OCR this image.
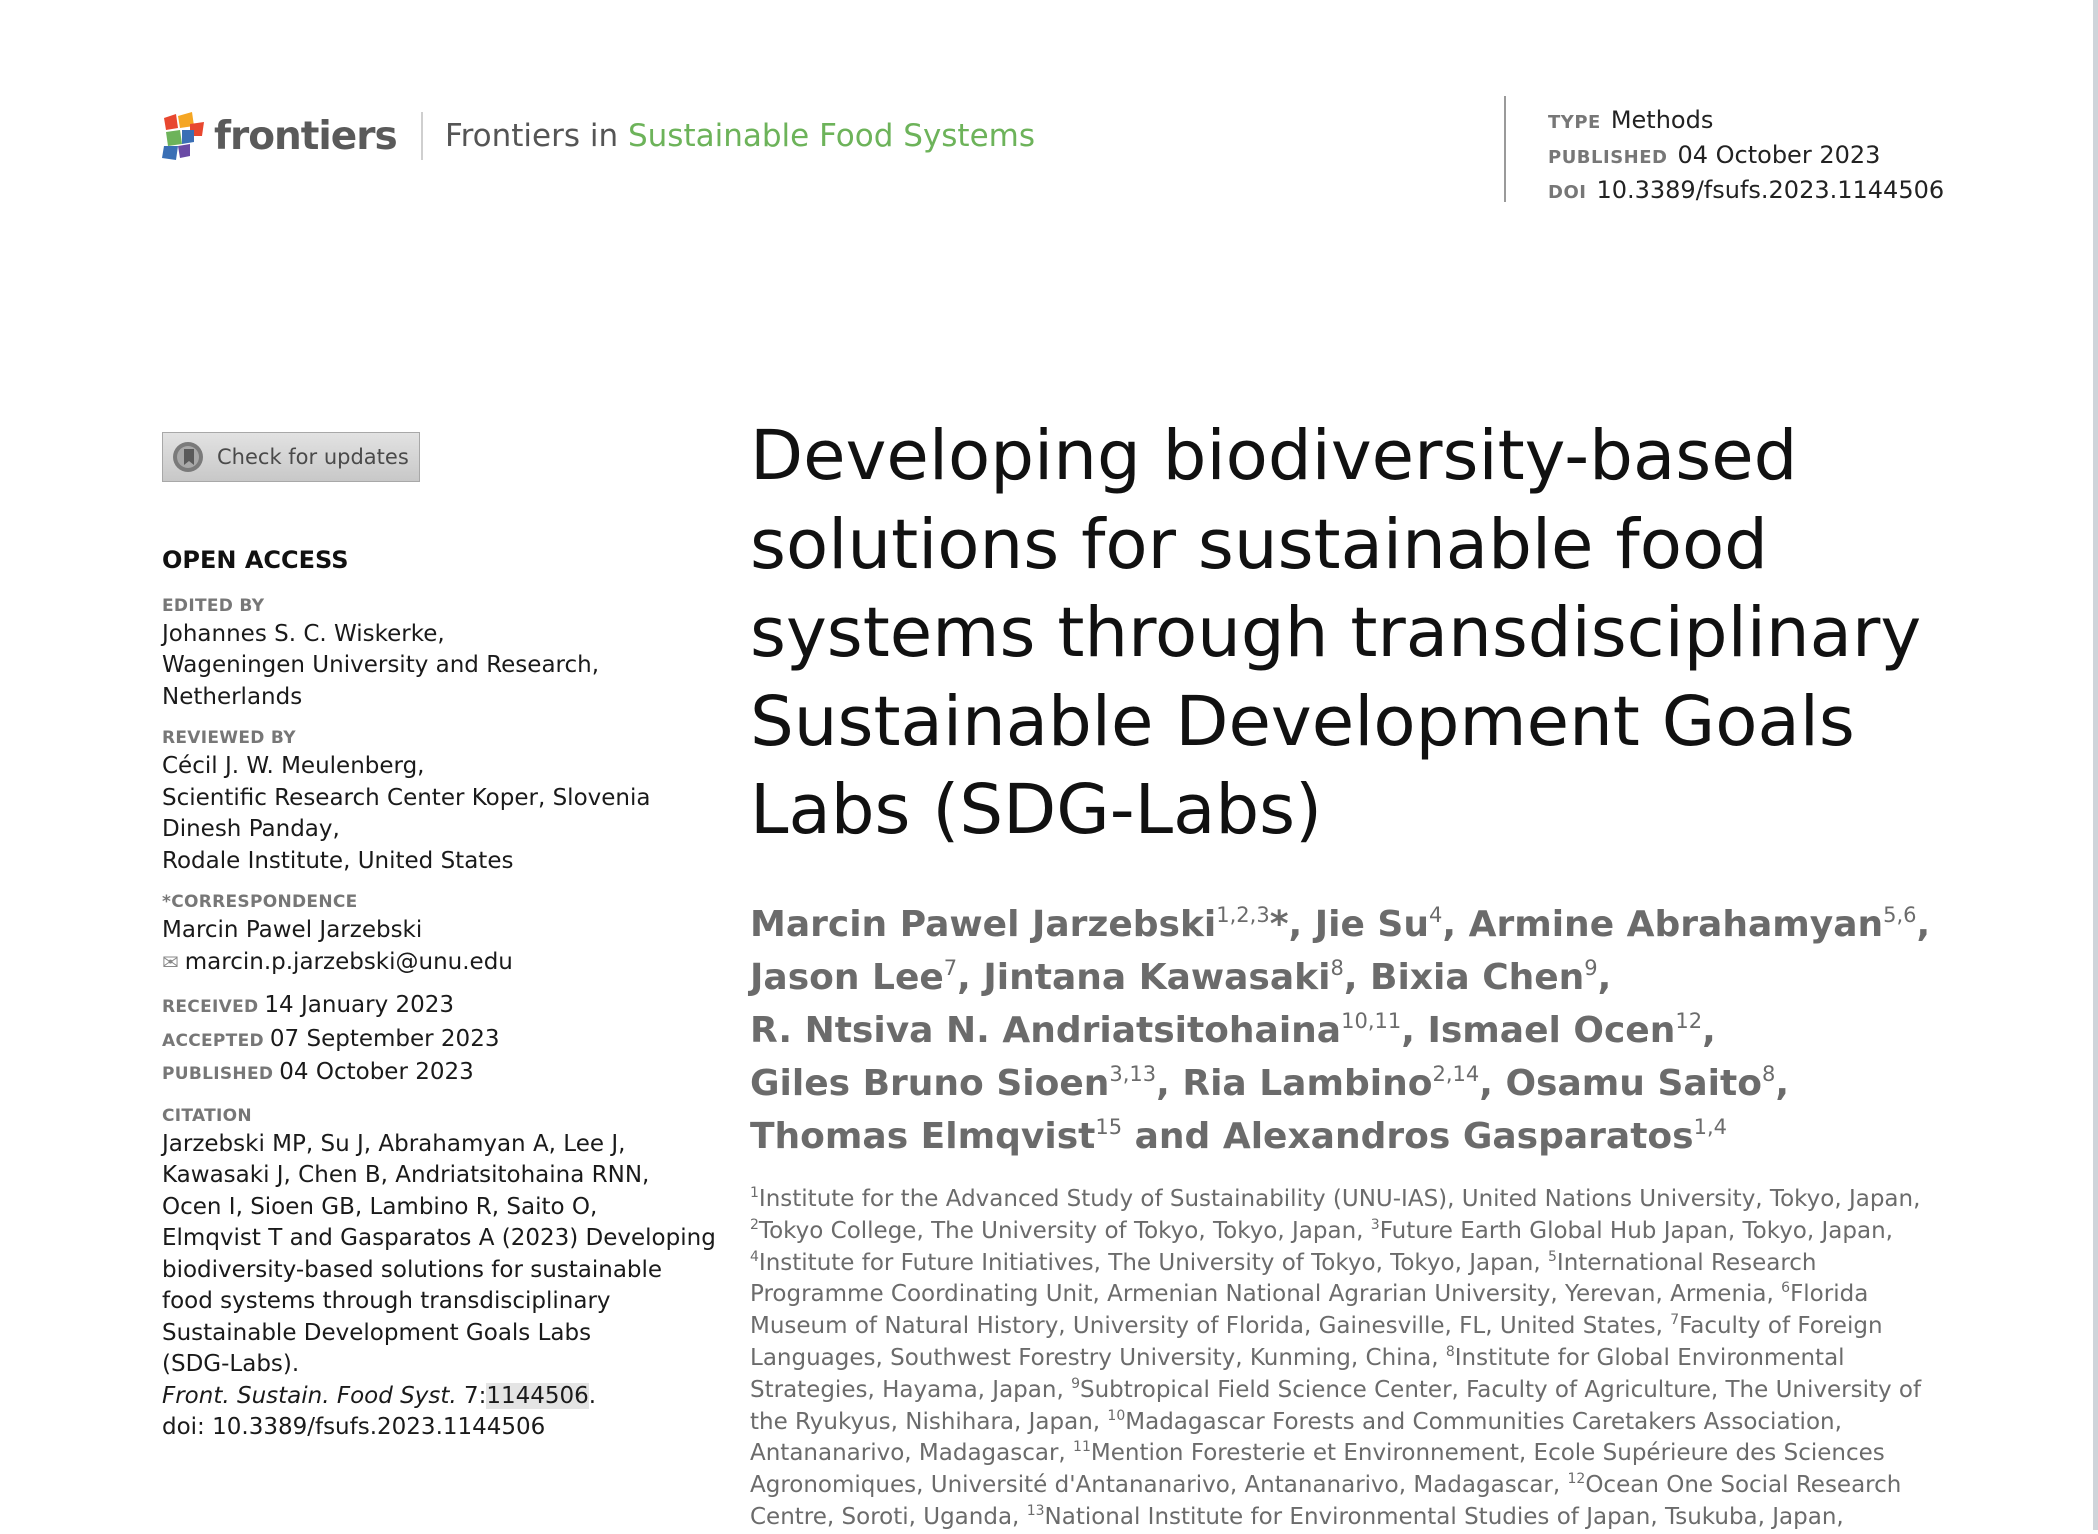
frontiers Frontiers in Sustainable Food Systems	TYPE Methods
PUBLISHED 04 October 2023
DOI 10.3389/fsufs.2023.1144506
Check for updates
OPEN ACCESS
EDITED BY
Johannes S. C. Wiskerke,
Wageningen University and Research,
Netherlands
REVIEWED BY
Cécil J. W. Meulenberg,
Scientific Research Center Koper, Slovenia
Dinesh Panday,
Rodale Institute, United States
*CORRESPONDENCE
Marcin Pawel Jarzebski
✉ marcin.p.jarzebski@unu.edu
RECEIVED 14 January 2023
ACCEPTED 07 September 2023
PUBLISHED 04 October 2023
CITATION
Jarzebski MP, Su J, Abrahamyan A, Lee J,
Kawasaki J, Chen B, Andriatsitohaina RNN,
Ocen I, Sioen GB, Lambino R, Saito O,
Elmqvist T and Gasparatos A (2023) Developing
biodiversity-based solutions for sustainable
food systems through transdisciplinary
Sustainable Development Goals Labs
(SDG-Labs).
Front. Sustain. Food Syst. 7:1144506.
doi: 10.3389/fsufs.2023.1144506
Developing biodiversity-based solutions for sustainable food systems through transdisciplinary Sustainable Development Goals Labs (SDG-Labs)
Marcin Pawel Jarzebski$^{1,2,3}$*, Jie Su$^4$, Armine Abrahamyan$^{5,6}$,
Jason Lee$^7$, Jintana Kawasaki$^8$, Bixia Chen$^9$,
R. Ntsiva N. Andriatsitohaina$^{10,11}$, Ismael Ocen$^{12}$,
Giles Bruno Sioen$^{3,13}$, Ria Lambino$^{2,14}$, Osamu Saito$^8$,
Thomas Elmqvist$^{15}$ and Alexandros Gasparatos$^{1,4}$
$^1$Institute for the Advanced Study of Sustainability (UNU-IAS), United Nations University, Tokyo, Japan, $^2$Tokyo College, The University of Tokyo, Tokyo, Japan, $^3$Future Earth Global Hub Japan, Tokyo, Japan, $^4$Institute for Future Initiatives, The University of Tokyo, Tokyo, Japan, $^5$International Research Programme Coordinating Unit, Armenian National Agrarian University, Yerevan, Armenia, $^6$Florida Museum of Natural History, University of Florida, Gainesville, FL, United States, $^7$Faculty of Foreign Languages, Southwest Forestry University, Kunming, China, $^8$Institute for Global Environmental Strategies, Hayama, Japan, $^9$Subtropical Field Science Center, Faculty of Agriculture, The University of the Ryukyus, Nishihara, Japan, $^{10}$Madagascar Forests and Communities Caretakers Association, Antananarivo, Madagascar, $^{11}$Mention Foresterie et Environnement, Ecole Supérieure des Sciences Agronomiques, Université d'Antananarivo, Antananarivo, Madagascar, $^{12}$Ocean One Social Research Centre, Soroti, Uganda, $^{13}$National Institute for Environmental Studies of Japan, Tsukuba, Japan,
